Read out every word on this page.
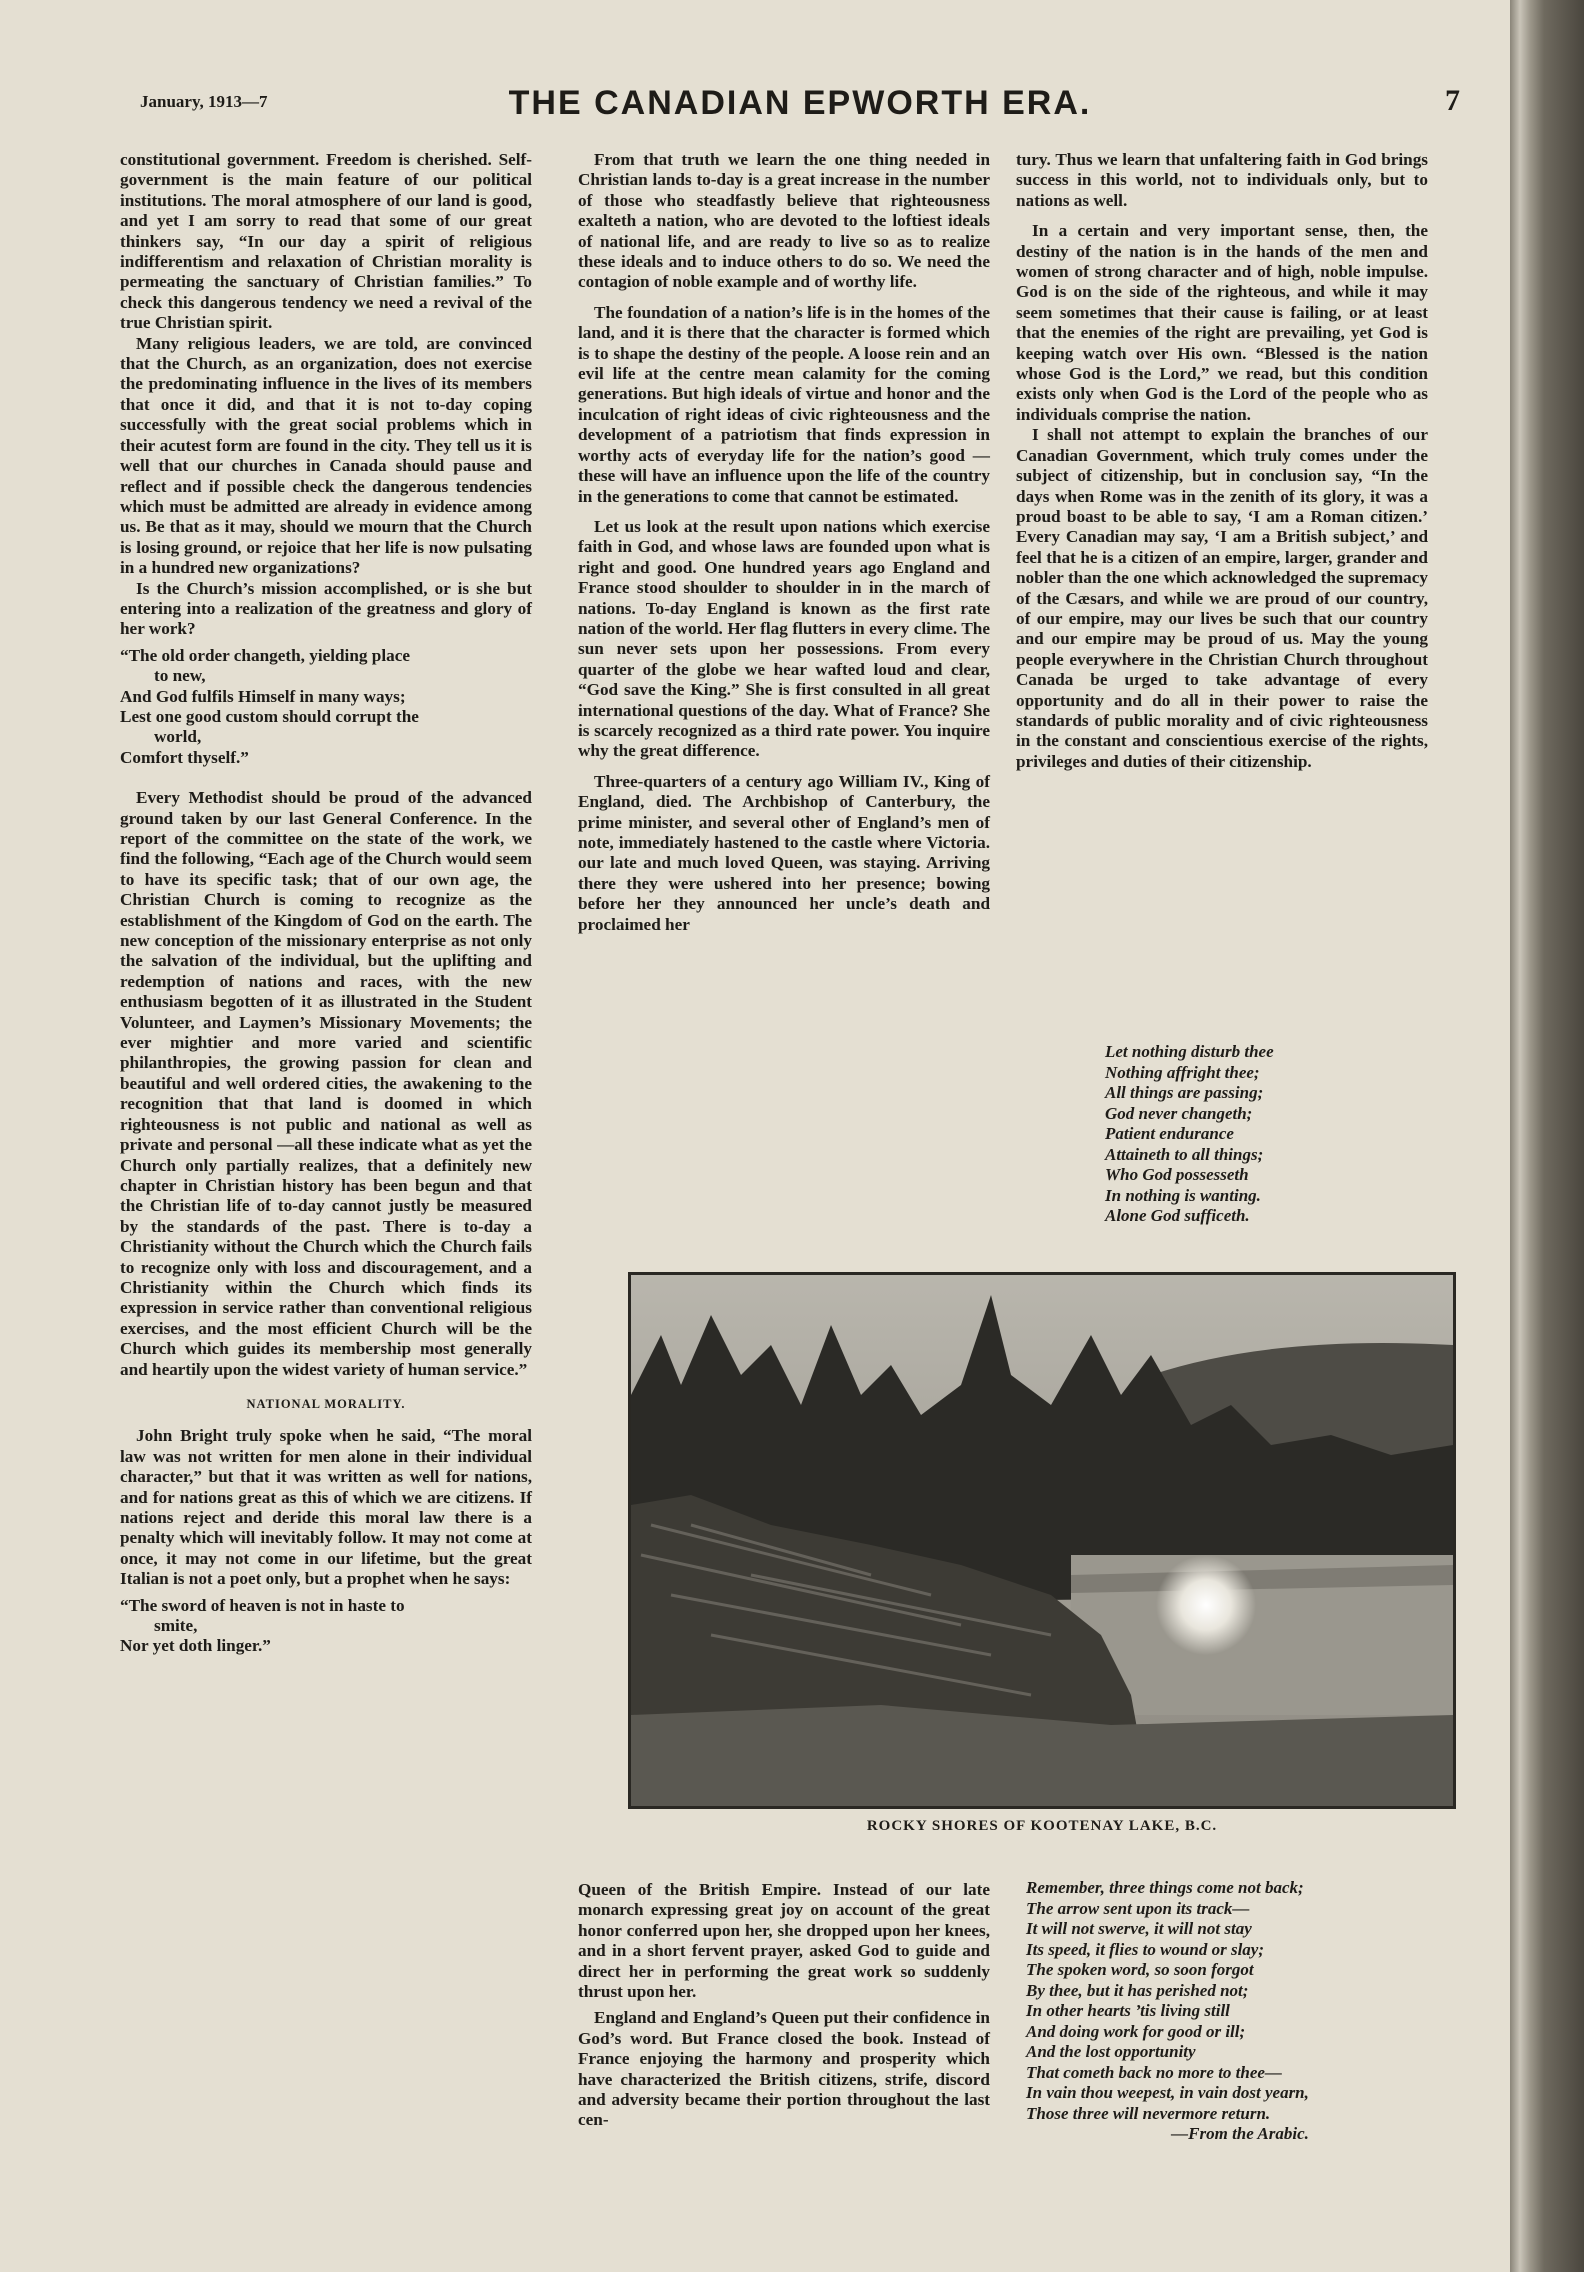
January, 1913—7	THE CANADIAN EPWORTH ERA.	7

constitutional government. Freedom is cherished. Self-government is the main feature of our political institutions. The moral atmosphere of our land is good, and yet I am sorry to read that some of our great thinkers say, “In our day a spirit of religious indifferentism and relaxation of Christian morality is permeating the sanctuary of Christian families.” To check this dangerous tendency we need a revival of the true Christian spirit.

Many religious leaders, we are told, are convinced that the Church, as an organization, does not exercise the predominating influence in the lives of its members that once it did, and that it is not to-day coping successfully with the great social problems which in their acutest form are found in the city. They tell us it is well that our churches in Canada should pause and reflect and if possible check the dangerous tendencies which must be admitted are already in evidence among us. Be that as it may, should we mourn that the Church is losing ground, or rejoice that her life is now pulsating in a hundred new organizations?

Is the Church’s mission accomplished, or is she but entering into a realization of the greatness and glory of her work?

“The old order changeth, yielding place
to new,
And God fulfils Himself in many ways;
Lest one good custom should corrupt the
world,
Comfort thyself.”

Every Methodist should be proud of the advanced ground taken by our last General Conference. In the report of the committee on the state of the work, we find the following, “Each age of the Church would seem to have its specific task; that of our own age, the Christian Church is coming to recognize as the establishment of the Kingdom of God on the earth. The new conception of the missionary enterprise as not only the salvation of the individual, but the uplifting and redemption of nations and races, with the new enthusiasm begotten of it as illustrated in the Student Volunteer, and Laymen’s Missionary Movements; the ever mightier and more varied and scientific philanthropies, the growing passion for clean and beautiful and well ordered cities, the awakening to the recognition that that land is doomed in which righteousness is not public and national as well as private and personal —all these indicate what as yet the Church only partially realizes, that a definitely new chapter in Christian history has been begun and that the Christian life of to-day cannot justly be measured by the standards of the past. There is to-day a Christianity without the Church which the Church fails to recognize only with loss and discouragement, and a Christianity within the Church which finds its expression in service rather than conventional religious exercises, and the most efficient Church will be the Church which guides its membership most generally and heartily upon the widest variety of human service.”

NATIONAL MORALITY.

John Bright truly spoke when he said, “The moral law was not written for men alone in their individual character,” but that it was written as well for nations, and for nations great as this of which we are citizens. If nations reject and deride this moral law there is a penalty which will inevitably follow. It may not come at once, it may not come in our lifetime, but the great Italian is not a poet only, but a prophet when he says:

“The sword of heaven is not in haste to
smite,
Nor yet doth linger.”

From that truth we learn the one thing needed in Christian lands to-day is a great increase in the number of those who steadfastly believe that righteousness exalteth a nation, who are devoted to the loftiest ideals of national life, and are ready to live so as to realize these ideals and to induce others to do so. We need the contagion of noble example and of worthy life.

The foundation of a nation’s life is in the homes of the land, and it is there that the character is formed which is to shape the destiny of the people. A loose rein and an evil life at the centre mean calamity for the coming generations. But high ideals of virtue and honor and the inculcation of right ideas of civic righteousness and the development of a patriotism that finds expression in worthy acts of everyday life for the nation’s good —these will have an influence upon the life of the country in the generations to come that cannot be estimated.

Let us look at the result upon nations which exercise faith in God, and whose laws are founded upon what is right and good. One hundred years ago England and France stood shoulder to shoulder in in the march of nations. To-day England is known as the first rate nation of the world. Her flag flutters in every clime. The sun never sets upon her possessions. From every quarter of the globe we hear wafted loud and clear, “God save the King.” She is first consulted in all great international questions of the day. What of France? She is scarcely recognized as a third rate power. You inquire why the great difference.

Three-quarters of a century ago William IV., King of England, died. The Archbishop of Canterbury, the prime minister, and several other of England’s men of note, immediately hastened to the castle where Victoria. our late and much loved Queen, was staying. Arriving there they were ushered into her presence; bowing before her they announced her uncle’s death and proclaimed her

tury. Thus we learn that unfaltering faith in God brings success in this world, not to individuals only, but to nations as well.

In a certain and very important sense, then, the destiny of the nation is in the hands of the men and women of strong character and of high, noble impulse. God is on the side of the righteous, and while it may seem sometimes that their cause is failing, or at least that the enemies of the right are prevailing, yet God is keeping watch over His own. “Blessed is the nation whose God is the Lord,” we read, but this condition exists only when God is the Lord of the people who as individuals comprise the nation.

I shall not attempt to explain the branches of our Canadian Government, which truly comes under the subject of citizenship, but in conclusion say, “In the days when Rome was in the zenith of its glory, it was a proud boast to be able to say, ‘I am a Roman citizen.’ Every Canadian may say, ‘I am a British subject,’ and feel that he is a citizen of an empire, larger, grander and nobler than the one which acknowledged the supremacy of the Cæsars, and while we are proud of our country, of our empire, may our lives be such that our country and our empire may be proud of us. May the young people everywhere in the Christian Church throughout Canada be urged to take advantage of every opportunity and do all in their power to raise the standards of public morality and of civic righteousness in the constant and conscientious exercise of the rights, privileges and duties of their citizenship.

Let nothing disturb thee
Nothing affright thee;
All things are passing;
God never changeth;
Patient endurance
Attaineth to all things;
Who God possesseth
In nothing is wanting.
Alone God sufficeth.
ROCKY SHORES OF KOOTENAY LAKE, B.C.

Queen of the British Empire. Instead of our late monarch expressing great joy on account of the great honor conferred upon her, she dropped upon her knees, and in a short fervent prayer, asked God to guide and direct her in performing the great work so suddenly thrust upon her.

England and England’s Queen put their confidence in God’s word. But France closed the book. Instead of France enjoying the harmony and prosperity which have characterized the British citizens, strife, discord and adversity became their portion throughout the last cen-

Remember, three things come not back;
The arrow sent upon its track—
It will not swerve, it will not stay
Its speed, it flies to wound or slay;
The spoken word, so soon forgot
By thee, but it has perished not;
In other hearts ’tis living still
And doing work for good or ill;
And the lost opportunity
That cometh back no more to thee—
In vain thou weepest, in vain dost yearn,
Those three will nevermore return.
—From the Arabic.
